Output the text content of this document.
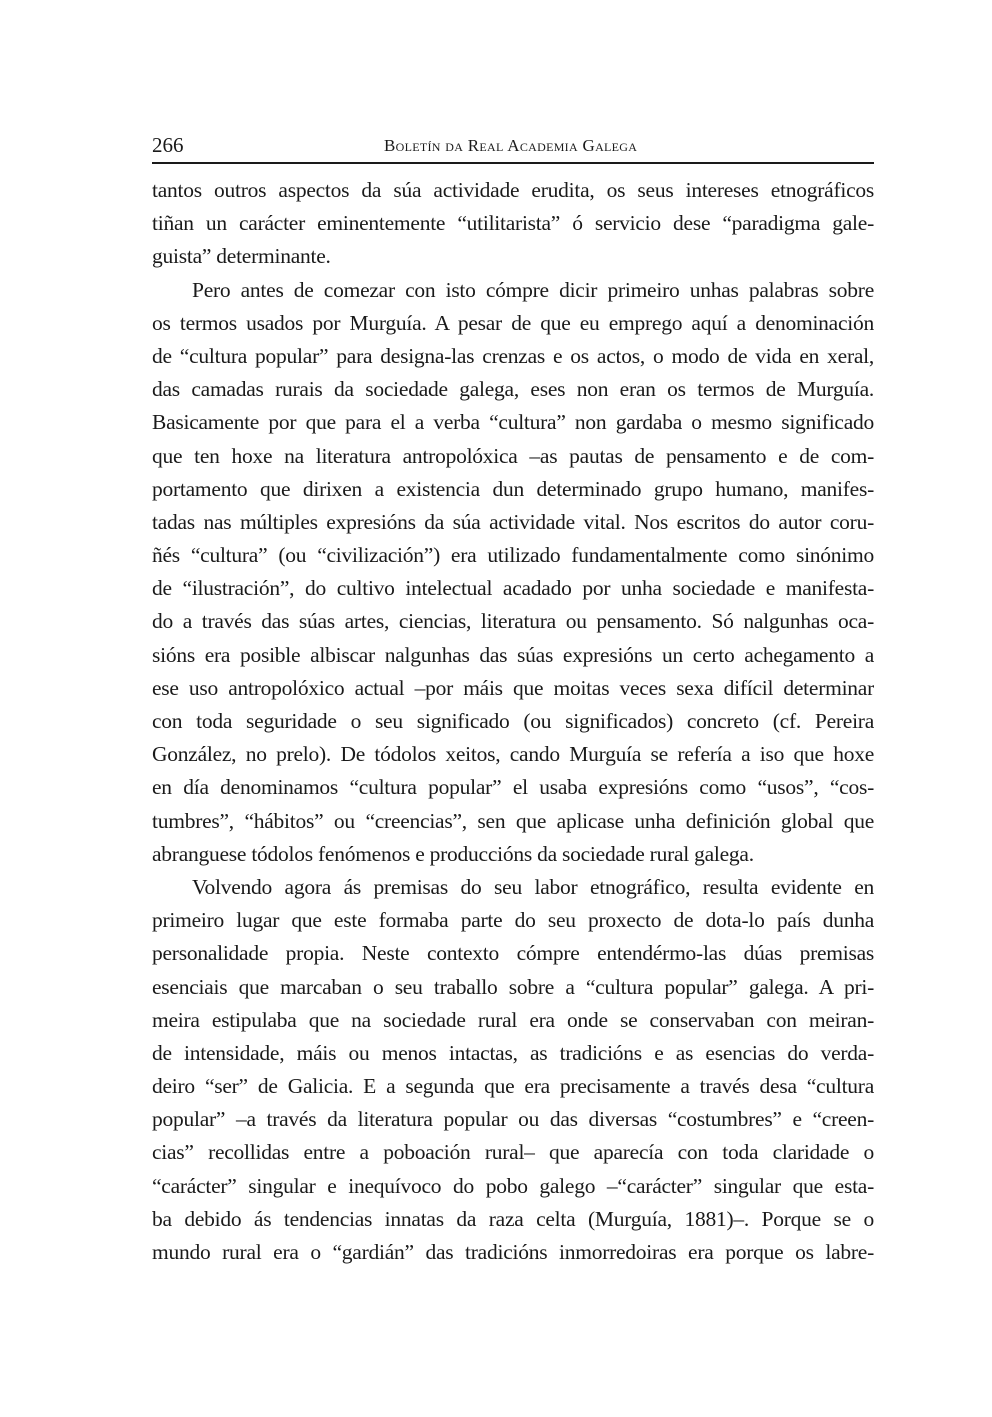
266	Boletín da Real Academia Galega
tantos outros aspectos da súa actividade erudita, os seus intereses etnográficos
tiñan un carácter eminentemente “utilitarista” ó servicio dese “paradigma gale-
guista” determinante.
Pero antes de comezar con isto cómpre dicir primeiro unhas palabras sobre
os termos usados por Murguía. A pesar de que eu emprego aquí a denominación
de “cultura popular” para designa-las crenzas e os actos, o modo de vida en xeral,
das camadas rurais da sociedade galega, eses non eran os termos de Murguía.
Basicamente por que para el a verba “cultura” non gardaba o mesmo significado
que ten hoxe na literatura antropolóxica –as pautas de pensamento e de com-
portamento que dirixen a existencia dun determinado grupo humano, manifes-
tadas nas múltiples expresións da súa actividade vital. Nos escritos do autor coru-
ñés “cultura” (ou “civilización”) era utilizado fundamentalmente como sinónimo
de “ilustración”, do cultivo intelectual acadado por unha sociedade e manifesta-
do a través das súas artes, ciencias, literatura ou pensamento. Só nalgunhas oca-
sións era posible albiscar nalgunhas das súas expresións un certo achegamento a
ese uso antropolóxico actual –por máis que moitas veces sexa difícil determinar
con toda seguridade o seu significado (ou significados) concreto (cf. Pereira
González, no prelo). De tódolos xeitos, cando Murguía se refería a iso que hoxe
en día denominamos “cultura popular” el usaba expresións como “usos”, “cos-
tumbres”, “hábitos” ou “creencias”, sen que aplicase unha definición global que
abranguese tódolos fenómenos e produccións da sociedade rural galega.
Volvendo agora ás premisas do seu labor etnográfico, resulta evidente en
primeiro lugar que este formaba parte do seu proxecto de dota-lo país dunha
personalidade propia. Neste contexto cómpre entendérmo-las dúas premisas
esenciais que marcaban o seu traballo sobre a “cultura popular” galega. A pri-
meira estipulaba que na sociedade rural era onde se conservaban con meiran-
de intensidade, máis ou menos intactas, as tradicións e as esencias do verda-
deiro “ser” de Galicia. E a segunda que era precisamente a través desa “cultura
popular” –a través da literatura popular ou das diversas “costumbres” e “creen-
cias” recollidas entre a poboación rural– que aparecía con toda claridade o
“carácter” singular e inequívoco do pobo galego –“carácter” singular que esta-
ba debido ás tendencias innatas da raza celta (Murguía, 1881)–. Porque se o
mundo rural era o “gardián” das tradicións inmorredoiras era porque os labre-
